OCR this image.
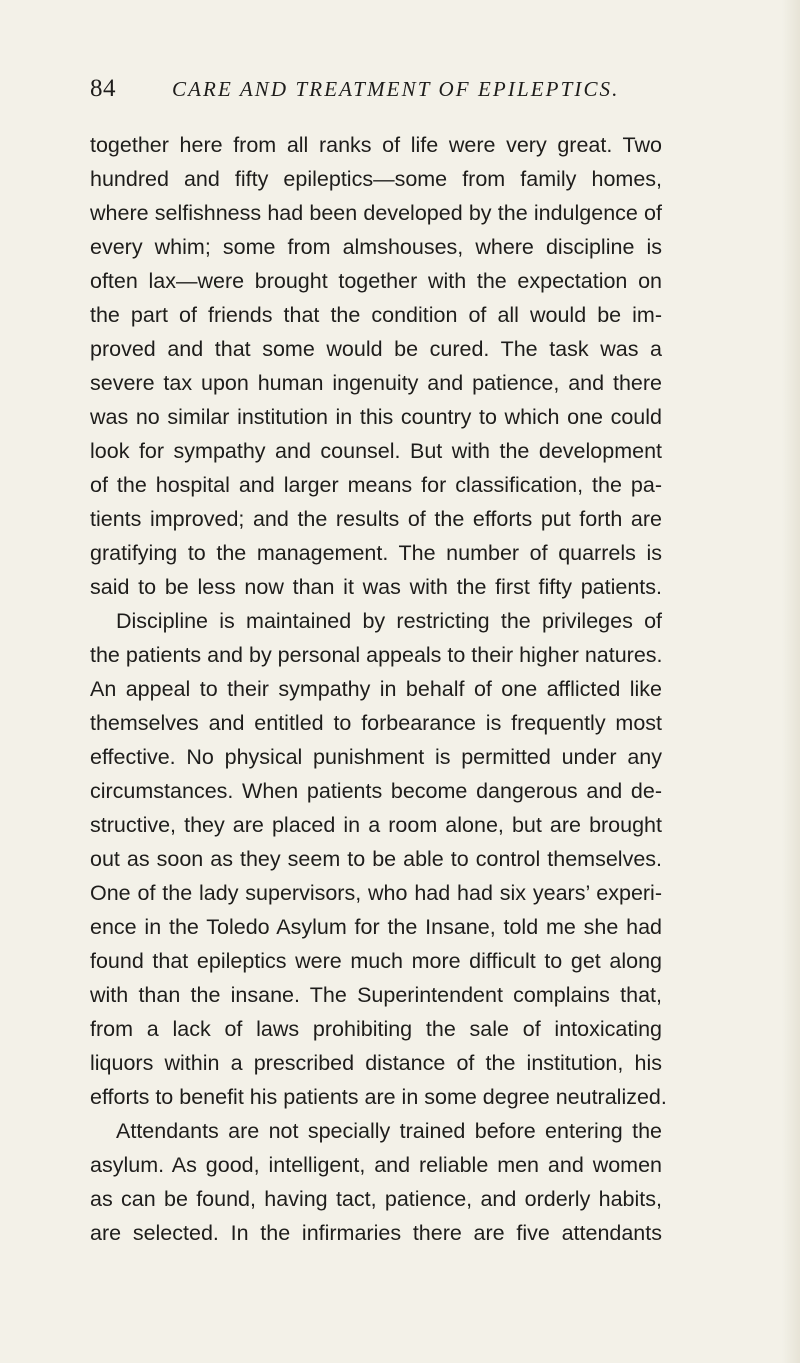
84	CARE AND TREATMENT OF EPILEPTICS.
together here from all ranks of life were very great. Two
hundred and fifty epileptics—some from family homes,
where selfishness had been developed by the indulgence of
every whim; some from almshouses, where discipline is
often lax—were brought together with the expectation on
the part of friends that the condition of all would be im-
proved and that some would be cured. The task was a
severe tax upon human ingenuity and patience, and there
was no similar institution in this country to which one could
look for sympathy and counsel. But with the development
of the hospital and larger means for classification, the pa-
tients improved; and the results of the efforts put forth are
gratifying to the management. The number of quarrels is
said to be less now than it was with the first fifty patients.
Discipline is maintained by restricting the privileges of
the patients and by personal appeals to their higher natures.
An appeal to their sympathy in behalf of one afflicted like
themselves and entitled to forbearance is frequently most
effective. No physical punishment is permitted under any
circumstances. When patients become dangerous and de-
structive, they are placed in a room alone, but are brought
out as soon as they seem to be able to control themselves.
One of the lady supervisors, who had had six years’ experi-
ence in the Toledo Asylum for the Insane, told me she had
found that epileptics were much more difficult to get along
with than the insane. The Superintendent complains that,
from a lack of laws prohibiting the sale of intoxicating
liquors within a prescribed distance of the institution, his
efforts to benefit his patients are in some degree neutralized.
Attendants are not specially trained before entering the
asylum. As good, intelligent, and reliable men and women
as can be found, having tact, patience, and orderly habits,
are selected. In the infirmaries there are five attendants
